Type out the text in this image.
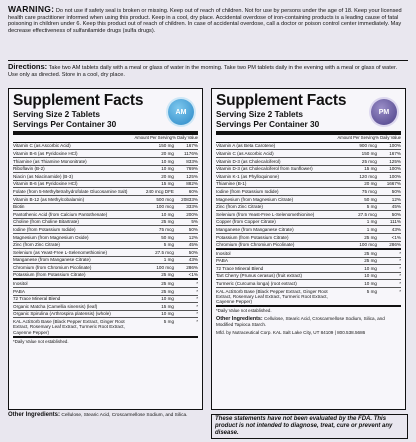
WARNING: Do not use if safety seal is broken or missing. Keep out of reach of children. Not for use by persons under the age of 18. Keep your licensed health care practitioner informed when using this product. Keep in a cool, dry place. Accidental overdose of iron-containing products is a leading cause of fatal poisoning in children under 6. Keep this product out of reach of children. In case of accidental overdose, call a doctor or poison control center immediately. May decrease effectiveness of sulfanilamide drugs (sulfa drugs).
Directions: Take two AM tablets daily with a meal or glass of water in the morning. Take two PM tablets daily in the evening with a meal or glass of water. Use only as directed. Store in a cool, dry place.
AM
Supplement Facts
Serving Size 2 Tablets
Servings Per Container 30
Amount Per Serving % Daily Value
Vitamin C (as Ascorbic Acid)	150 mg	167%
Vitamin B-6 (as Pyridoxine HCl)	20 mg	1176%
Thiamine (as Thiamine Mononitrate)	10 mg	833%
Riboflavin (B-2)	10 mg	769%
Niacin (as Niacinamide) (B-3)	20 mg	125%
Vitamin B-6 (as Pyridoxine HCl)	15 mg	882%
Folate (from 5-Methyltetrahydrofolate Glucosamine Salt)	240 mcg DFE	60%
Vitamin B-12 (as Methylcobalamin)	500 mcg	20833%
Biotin	100 mcg	333%
Pantothenic Acid (from Calcium Pantothenate)	10 mg	200%
Choline (from Choline Bitartrate)	25 mg	5%
Iodine (from Potassium Iodide)	75 mcg	50%
Magnesium (from Magnesium Oxide)	50 mg	12%
Zinc (from Zinc Citrate)	5 mg	45%
Selenium (as Yeast-Free L-Selenomethionine)	27.5 mcg	50%
Manganese (from Manganese Citrate)	1 mg	43%
Chromium (from Chromium Picolinate)	100 mcg	286%
Potassium (from Potassium Citrate)	25 mg	<1%
Inositol	25 mg	*
PABA	25 mg	*
72 Trace Mineral Blend	10 mg	*
Organic Matcha (Camellia sinensis) (leaf)	15 mg	*
Organic Spirulina (Arthrospira platensis) (whole)	10 mg	*
KAL ActiSorb Base (Black Pepper Extract, Ginger Root Extract, Rosemary Leaf Extract, Turmeric Root Extract, Cayenne Pepper)
5 mg	*
*Daily Value not established.
PM
Supplement Facts
Serving Size 2 Tablets
Servings Per Container 30
Amount Per Serving % Daily Value
Vitamin A (as Beta Carotene)	900 mcg	100%
Vitamin C (as Ascorbic Acid)	150 mg	167%
Vitamin D-3 (as Cholecalciferol)	25 mcg	125%
Vitamin D-3 (as Cholecalciferol from Sunflower)	15 mg	100%
Vitamin K-1 (as Phylloquinone)	120 mcg	100%
Thiamine (B-1)	20 mg	1667%
Iodine (from Potassium Iodide)	75 mcg	50%
Magnesium (from Magnesium Citrate)	50 mg	12%
Zinc (from Zinc Citrate)	5 mg	45%
Selenium (from Yeast-Free L-Selenomethionine)	27.5 mcg	50%
Copper (from Copper Citrate)	1 mg	111%
Manganese (from Manganese Citrate)	1 mg	43%
Potassium (from Potassium Citrate)	25 mg	<1%
Chromium (from Chromium Picolinate)	100 mcg	286%
Inositol	25 mg	*
PABA	25 mg	*
72 Trace Mineral Blend	10 mg	*
Tart Cherry (Prunus cerasus) (fruit extract)	10 mg	*
Turmeric (Curcuma longa) (root extract)	10 mg	*
KAL ActiSorb Base (Black Pepper Extract, Ginger Root Extract, Rosemary Leaf Extract, Turmeric Root Extract, Cayenne Pepper)
5 mg	*
*Daily Value not established.
Other Ingredients: Cellulose, Stearic Acid, Croscarmellose Sodium, Silica, and Modified Tapioca Starch.
Mfd. by Nutraceutical Corp. KAL Salt Lake City, UT 84109 | 800.538.5686
Other Ingredients: Cellulose, Stearic Acid, Croscarmellose Sodium, and Silica.
These statements have not been evaluated by the FDA. This product is not intended to diagnose, treat, cure or prevent any disease.
